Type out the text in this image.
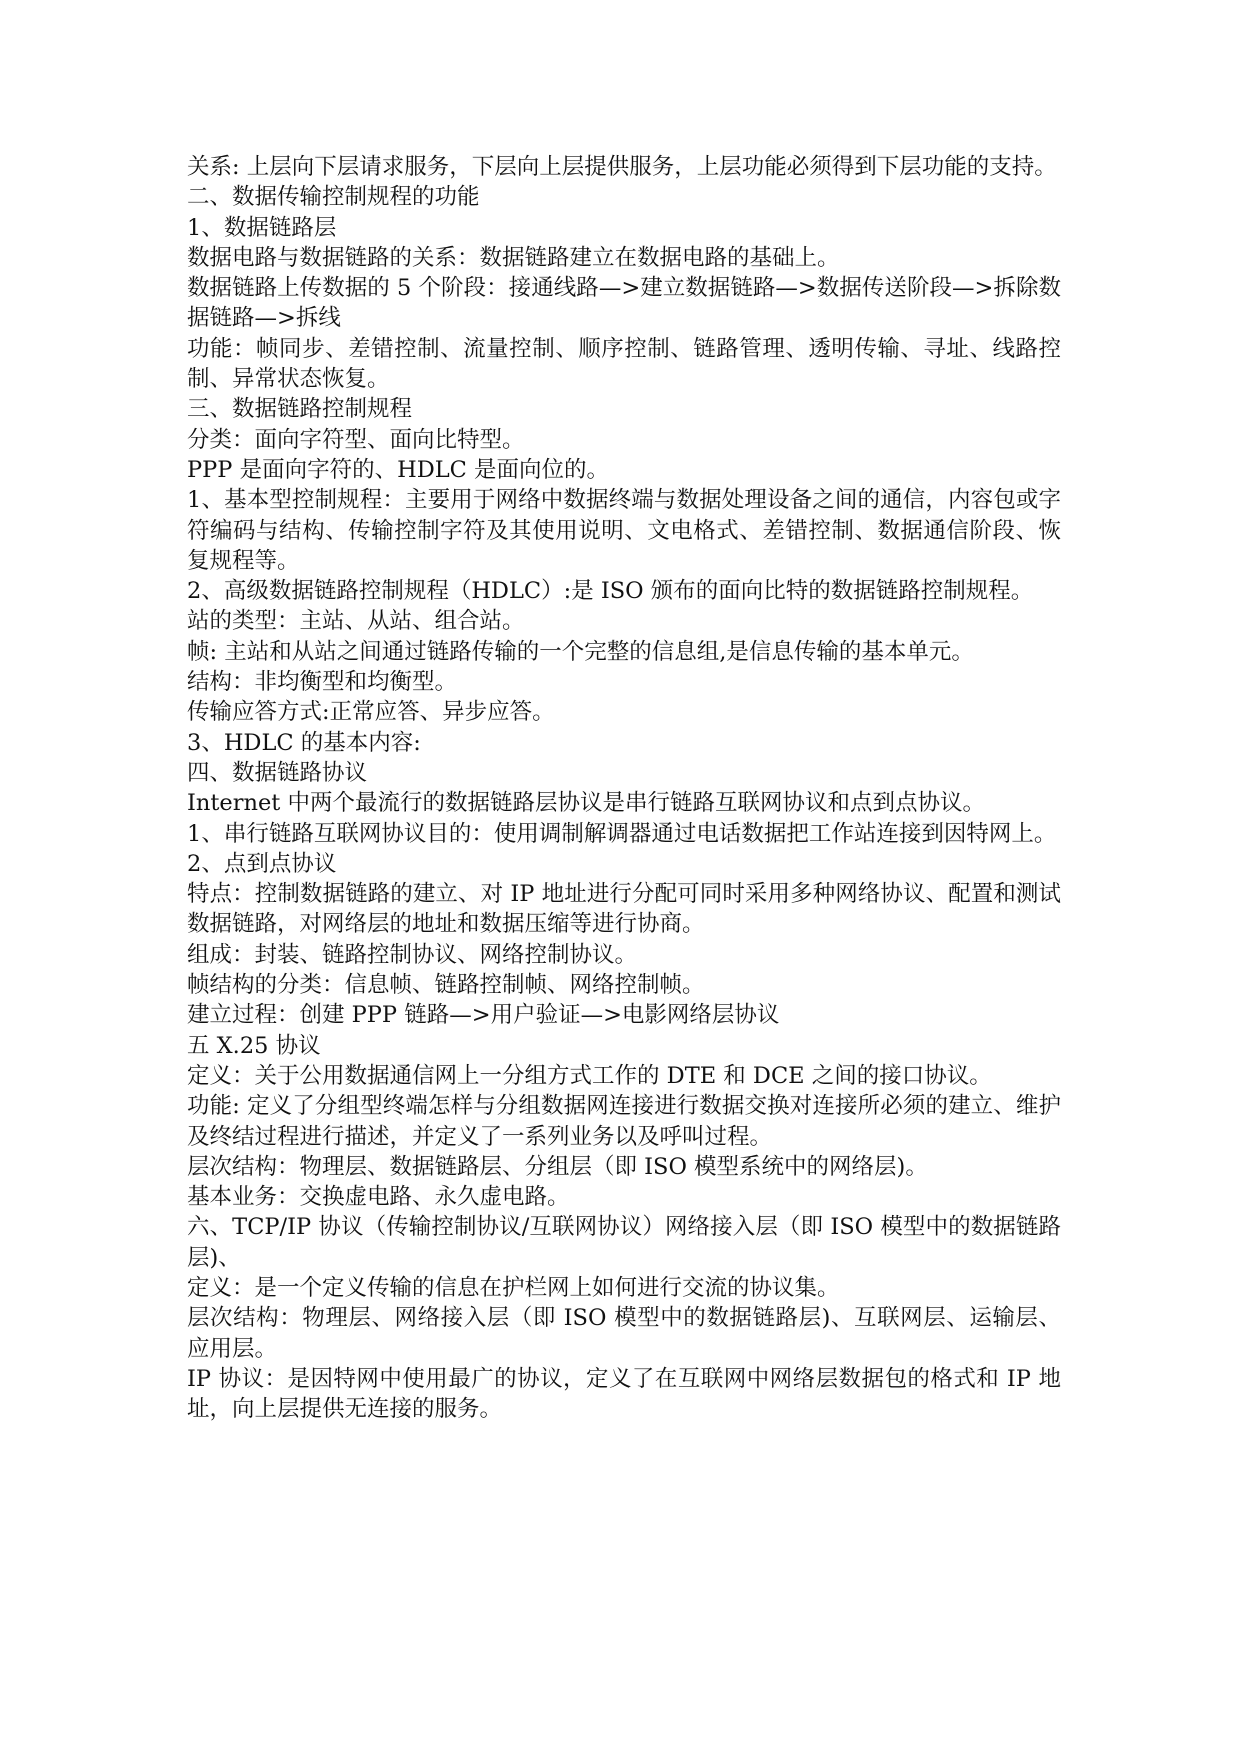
关系: 上层向下层请求服务，下层向上层提供服务，上层功能必须得到下层功能的支持。

二、数据传输控制规程的功能

1、数据链路层

数据电路与数据链路的关系：数据链路建立在数据电路的基础上。

数据链路上传数据的 5 个阶段：接通线路—>建立数据链路—>数据传送阶段—>拆除数据链路—>拆线

功能：帧同步、差错控制、流量控制、顺序控制、链路管理、透明传输、寻址、线路控制、异常状态恢复。

三、数据链路控制规程

分类：面向字符型、面向比特型。

PPP 是面向字符的、HDLC 是面向位的。

1、基本型控制规程：主要用于网络中数据终端与数据处理设备之间的通信，内容包或字符编码与结构、传输控制字符及其使用说明、文电格式、差错控制、数据通信阶段、恢复规程等。

2、高级数据链路控制规程（HDLC）:是 ISO 颁布的面向比特的数据链路控制规程。

站的类型：主站、从站、组合站。

帧: 主站和从站之间通过链路传输的一个完整的信息组,是信息传输的基本单元。

结构：非均衡型和均衡型。

传输应答方式:正常应答、异步应答。

3、HDLC 的基本内容:

四、数据链路协议

Internet 中两个最流行的数据链路层协议是串行链路互联网协议和点到点协议。

1、串行链路互联网协议目的：使用调制解调器通过电话数据把工作站连接到因特网上。

2、点到点协议

特点：控制数据链路的建立、对 IP 地址进行分配可同时采用多种网络协议、配置和测试数据链路，对网络层的地址和数据压缩等进行协商。

组成：封装、链路控制协议、网络控制协议。

帧结构的分类：信息帧、链路控制帧、网络控制帧。

建立过程：创建 PPP 链路—>用户验证—>电影网络层协议

五 X.25 协议

定义：关于公用数据通信网上一分组方式工作的 DTE 和 DCE 之间的接口协议。

功能: 定义了分组型终端怎样与分组数据网连接进行数据交换对连接所必须的建立、维护及终结过程进行描述，并定义了一系列业务以及呼叫过程。

层次结构：物理层、数据链路层、分组层（即 ISO 模型系统中的网络层)。

基本业务：交换虚电路、永久虚电路。

六、TCP/IP 协议（传输控制协议/互联网协议）网络接入层（即 ISO 模型中的数据链路层)、

定义：是一个定义传输的信息在护栏网上如何进行交流的协议集。

层次结构：物理层、网络接入层（即 ISO 模型中的数据链路层)、互联网层、运输层、应用层。

IP 协议：是因特网中使用最广的协议，定义了在互联网中网络层数据包的格式和 IP 地址，向上层提供无连接的服务。
